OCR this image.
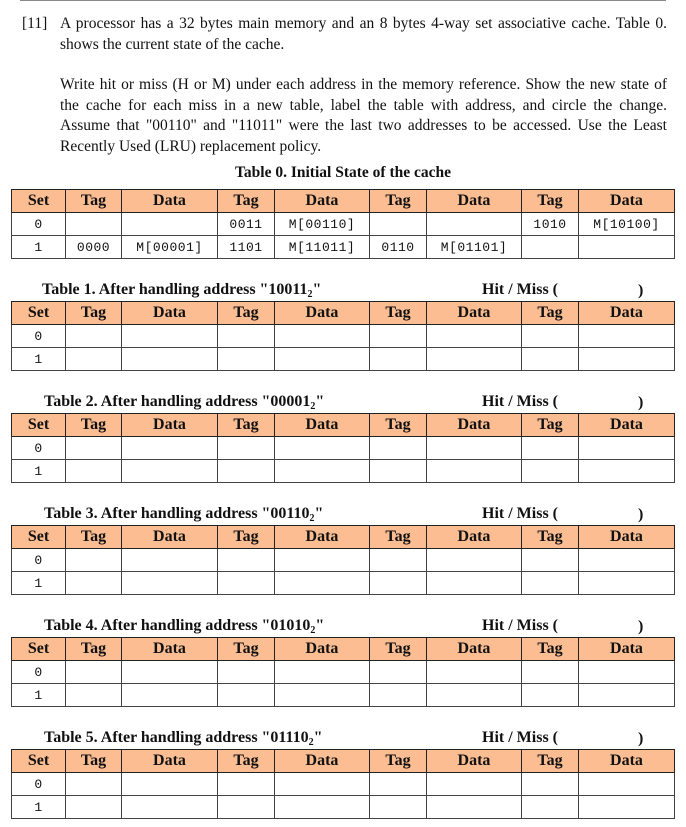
[11] A processor has a 32 bytes main memory and an 8 bytes 4-way set associative cache. Table 0. shows the current state of the cache.
Write hit or miss (H or M) under each address in the memory reference. Show the new state of the cache for each miss in a new table, label the table with address, and circle the change. Assume that "00110" and "11011" were the last two addresses to be accessed. Use the Least Recently Used (LRU) replacement policy.
Table 0. Initial State of the cache
Set	Tag	Data	Tag	Data	Tag	Data	Tag	Data
0			0011	M[00110]			1010	M[10100]
1	0000	M[00001]	1101	M[11011]	0110	M[01101]		
Table 1. After handling address "$10011_2$"	Hit / Miss (	)
Set	Tag	Data	Tag	Data	Tag	Data	Tag	Data
0								
1								
Table 2. After handling address "$00001_2$"	Hit / Miss (	)
Set	Tag	Data	Tag	Data	Tag	Data	Tag	Data
0								
1								
Table 3. After handling address "$00110_2$"	Hit / Miss (	)
Set	Tag	Data	Tag	Data	Tag	Data	Tag	Data
0								
1								
Table 4. After handling address "$01010_2$"	Hit / Miss (	)
Set	Tag	Data	Tag	Data	Tag	Data	Tag	Data
0								
1								
Table 5. After handling address "$01110_2$"	Hit / Miss (	)
Set	Tag	Data	Tag	Data	Tag	Data	Tag	Data
0								
1								
